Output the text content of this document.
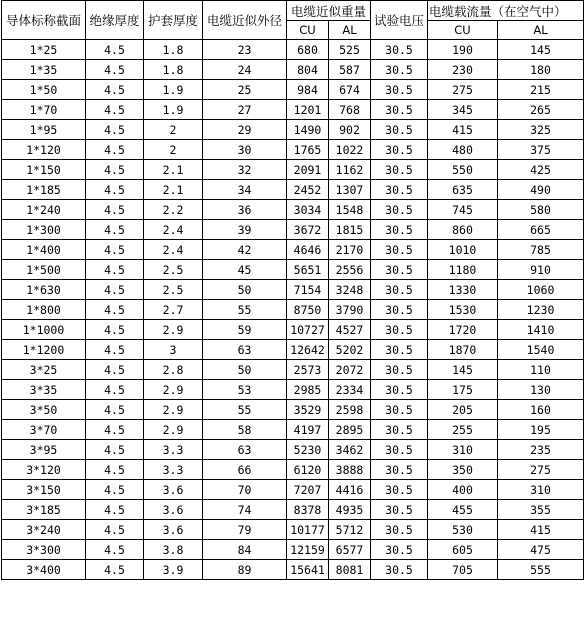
导体标称截面	绝缘厚度	护套厚度	电缆近似外径	电缆近似重量		试验电压	电缆载流量（在空气中）	
				CU	AL		CU	AL
1*25	4.5	1.8	23	680	525	30.5	190	145
1*35	4.5	1.8	24	804	587	30.5	230	180
1*50	4.5	1.9	25	984	674	30.5	275	215
1*70	4.5	1.9	27	1201	768	30.5	345	265
1*95	4.5	2	29	1490	902	30.5	415	325
1*120	4.5	2	30	1765	1022	30.5	480	375
1*150	4.5	2.1	32	2091	1162	30.5	550	425
1*185	4.5	2.1	34	2452	1307	30.5	635	490
1*240	4.5	2.2	36	3034	1548	30.5	745	580
1*300	4.5	2.4	39	3672	1815	30.5	860	665
1*400	4.5	2.4	42	4646	2170	30.5	1010	785
1*500	4.5	2.5	45	5651	2556	30.5	1180	910
1*630	4.5	2.5	50	7154	3248	30.5	1330	1060
1*800	4.5	2.7	55	8750	3790	30.5	1530	1230
1*1000	4.5	2.9	59	10727	4527	30.5	1720	1410
1*1200	4.5	3	63	12642	5202	30.5	1870	1540
3*25	4.5	2.8	50	2573	2072	30.5	145	110
3*35	4.5	2.9	53	2985	2334	30.5	175	130
3*50	4.5	2.9	55	3529	2598	30.5	205	160
3*70	4.5	2.9	58	4197	2895	30.5	255	195
3*95	4.5	3.3	63	5230	3462	30.5	310	235
3*120	4.5	3.3	66	6120	3888	30.5	350	275
3*150	4.5	3.6	70	7207	4416	30.5	400	310
3*185	4.5	3.6	74	8378	4935	30.5	455	355
3*240	4.5	3.6	79	10177	5712	30.5	530	415
3*300	4.5	3.8	84	12159	6577	30.5	605	475
3*400	4.5	3.9	89	15641	8081	30.5	705	555
